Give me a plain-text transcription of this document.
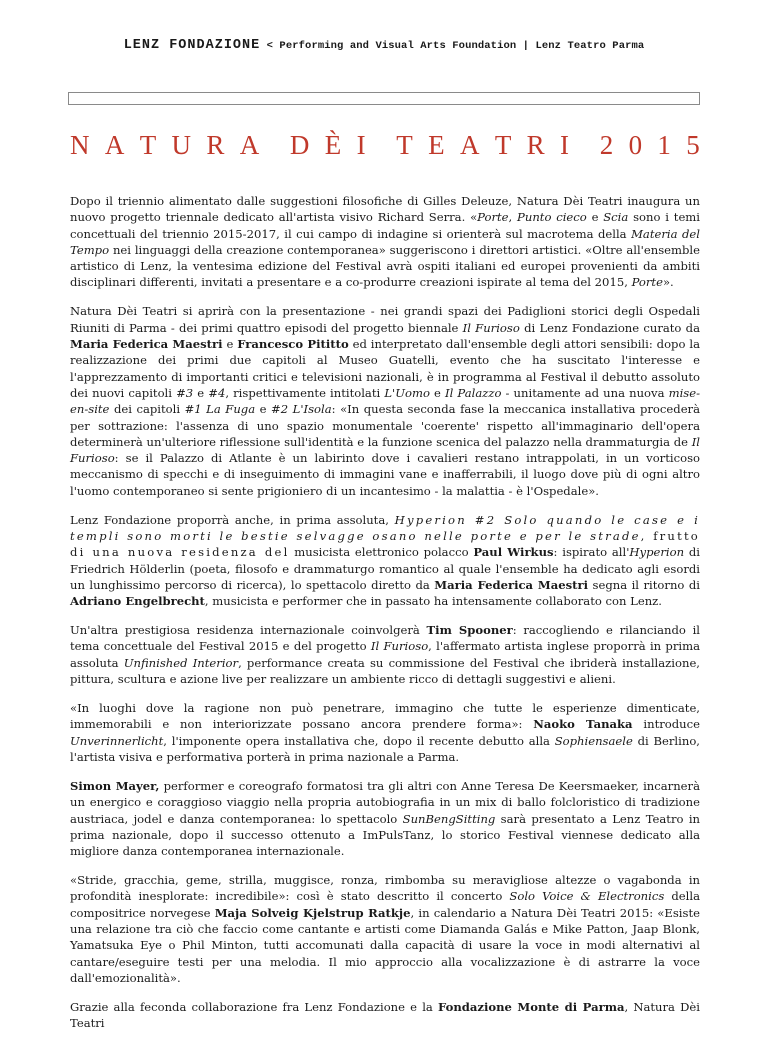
LENZ FONDAZIONE < Performing and Visual Arts Foundation | Lenz Teatro Parma
N A T U R A D È I T E A T R I 2 0 1 5

Dopo il triennio alimentato dalle suggestioni filosofiche di Gilles Deleuze, Natura Dèi Teatri inaugura un nuovo progetto triennale dedicato all'artista visivo Richard Serra. «Porte, Punto cieco e Scia sono i temi concettuali del triennio 2015-2017, il cui campo di indagine si orienterà sul macrotema della Materia del Tempo nei linguaggi della creazione contemporanea» suggeriscono i direttori artistici. «Oltre all'ensemble artistico di Lenz, la ventesima edizione del Festival avrà ospiti italiani ed europei provenienti da ambiti disciplinari differenti, invitati a presentare e a co-produrre creazioni ispirate al tema del 2015, Porte».

Natura Dèi Teatri si aprirà con la presentazione - nei grandi spazi dei Padiglioni storici degli Ospedali Riuniti di Parma - dei primi quattro episodi del progetto biennale Il Furioso di Lenz Fondazione curato da Maria Federica Maestri e Francesco Pititto ed interpretato dall'ensemble degli attori sensibili: dopo la realizzazione dei primi due capitoli al Museo Guatelli, evento che ha suscitato l'interesse e l'apprezzamento di importanti critici e televisioni nazionali, è in programma al Festival il debutto assoluto dei nuovi capitoli #3 e #4, rispettivamente intitolati L'Uomo e Il Palazzo - unitamente ad una nuova mise-en-site dei capitoli #1 La Fuga e #2 L'Isola: «In questa seconda fase la meccanica installativa procederà per sottrazione: l'assenza di uno spazio monumentale 'coerente' rispetto all'immaginario dell'opera determinerà un'ulteriore riflessione sull'identità e la funzione scenica del palazzo nella drammaturgia de Il Furioso: se il Palazzo di Atlante è un labirinto dove i cavalieri restano intrappolati, in un vorticoso meccanismo di specchi e di inseguimento di immagini vane e inafferrabili, il luogo dove più di ogni altro l'uomo contemporaneo si sente prigioniero di un incantesimo - la malattia - è l'Ospedale».

Lenz Fondazione proporrà anche, in prima assoluta, Hyperion #2 Solo quando le case e i templi sono morti le bestie selvagge osano nelle porte e per le strade, frutto di una nuova residenza del musicista elettronico polacco Paul Wirkus: ispirato all'Hyperion di Friedrich Hölderlin (poeta, filosofo e drammaturgo romantico al quale l'ensemble ha dedicato agli esordi un lunghissimo percorso di ricerca), lo spettacolo diretto da Maria Federica Maestri segna il ritorno di Adriano Engelbrecht, musicista e performer che in passato ha intensamente collaborato con Lenz.

Un'altra prestigiosa residenza internazionale coinvolgerà Tim Spooner: raccogliendo e rilanciando il tema concettuale del Festival 2015 e del progetto Il Furioso, l'affermato artista inglese proporrà in prima assoluta Unfinished Interior, performance creata su commissione del Festival che ibriderà installazione, pittura, scultura e azione live per realizzare un ambiente ricco di dettagli suggestivi e alieni.

«In luoghi dove la ragione non può penetrare, immagino che tutte le esperienze dimenticate, immemorabili e non interiorizzate possano ancora prendere forma»: Naoko Tanaka introduce Unverinnerlicht, l'imponente opera installativa che, dopo il recente debutto alla Sophiensaele di Berlino, l'artista visiva e performativa porterà in prima nazionale a Parma.

Simon Mayer, performer e coreografo formatosi tra gli altri con Anne Teresa De Keersmaeker, incarnerà un energico e coraggioso viaggio nella propria autobiografia in un mix di ballo folcloristico di tradizione austriaca, jodel e danza contemporanea: lo spettacolo SunBengSitting sarà presentato a Lenz Teatro in prima nazionale, dopo il successo ottenuto a ImPulsTanz, lo storico Festival viennese dedicato alla migliore danza contemporanea internazionale.

«Stride, gracchia, geme, strilla, muggisce, ronza, rimbomba su meravigliose altezze o vagabonda in profondità inesplorate: incredibile»: così è stato descritto il concerto Solo Voice & Electronics della compositrice norvegese Maja Solveig Kjelstrup Ratkje, in calendario a Natura Dèi Teatri 2015: «Esiste una relazione tra ciò che faccio come cantante e artisti come Diamanda Galás e Mike Patton, Jaap Blonk, Yamatsuka Eye o Phil Minton, tutti accomunati dalla capacità di usare la voce in modi alternativi al cantare/eseguire testi per una melodia. Il mio approccio alla vocalizzazione è di astrarre la voce dall'emozionalità».

Grazie alla feconda collaborazione fra Lenz Fondazione e la Fondazione Monte di Parma, Natura Dèi Teatri
